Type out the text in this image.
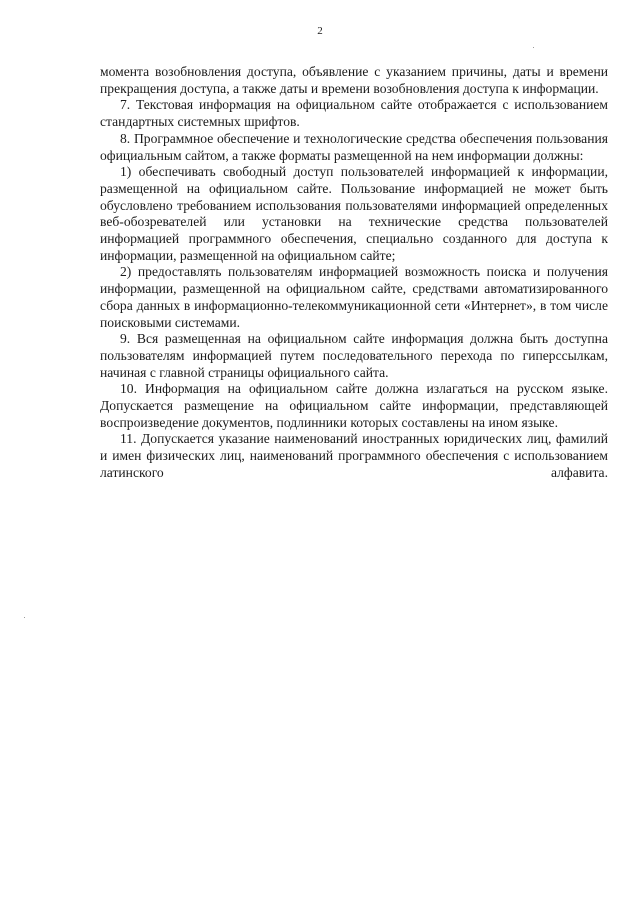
2

момента возобновления доступа, объявление с указанием причины, даты и времени прекращения доступа, а также даты и времени возобновления доступа к информации.

7. Текстовая информация на официальном сайте отображается с использованием стандартных системных шрифтов.

8. Программное обеспечение и технологические средства обеспечения пользования официальным сайтом, а также форматы размещенной на нем информации должны:

1) обеспечивать свободный доступ пользователей информацией к информации, размещенной на официальном сайте. Пользование информацией не может быть обусловлено требованием использования пользователями информацией определенных веб-обозревателей или установки на технические средства пользователей информацией программного обеспечения, специально созданного для доступа к информации, размещенной на официальном сайте;

2) предоставлять пользователям информацией возможность поиска и получения информации, размещенной на официальном сайте, средствами автоматизированного сбора данных в информационно-телекоммуникационной сети «Интернет», в том числе поисковыми системами.

9. Вся размещенная на официальном сайте информация должна быть доступна пользователям информацией путем последовательного перехода по гиперссылкам, начиная с главной страницы официального сайта.

10. Информация на официальном сайте должна излагаться на русском языке. Допускается размещение на официальном сайте информации, представляющей воспроизведение документов, подлинники которых составлены на ином языке.

11. Допускается указание наименований иностранных юридических лиц, фамилий и имен физических лиц, наименований программного обеспечения с использованием латинского алфавита.
